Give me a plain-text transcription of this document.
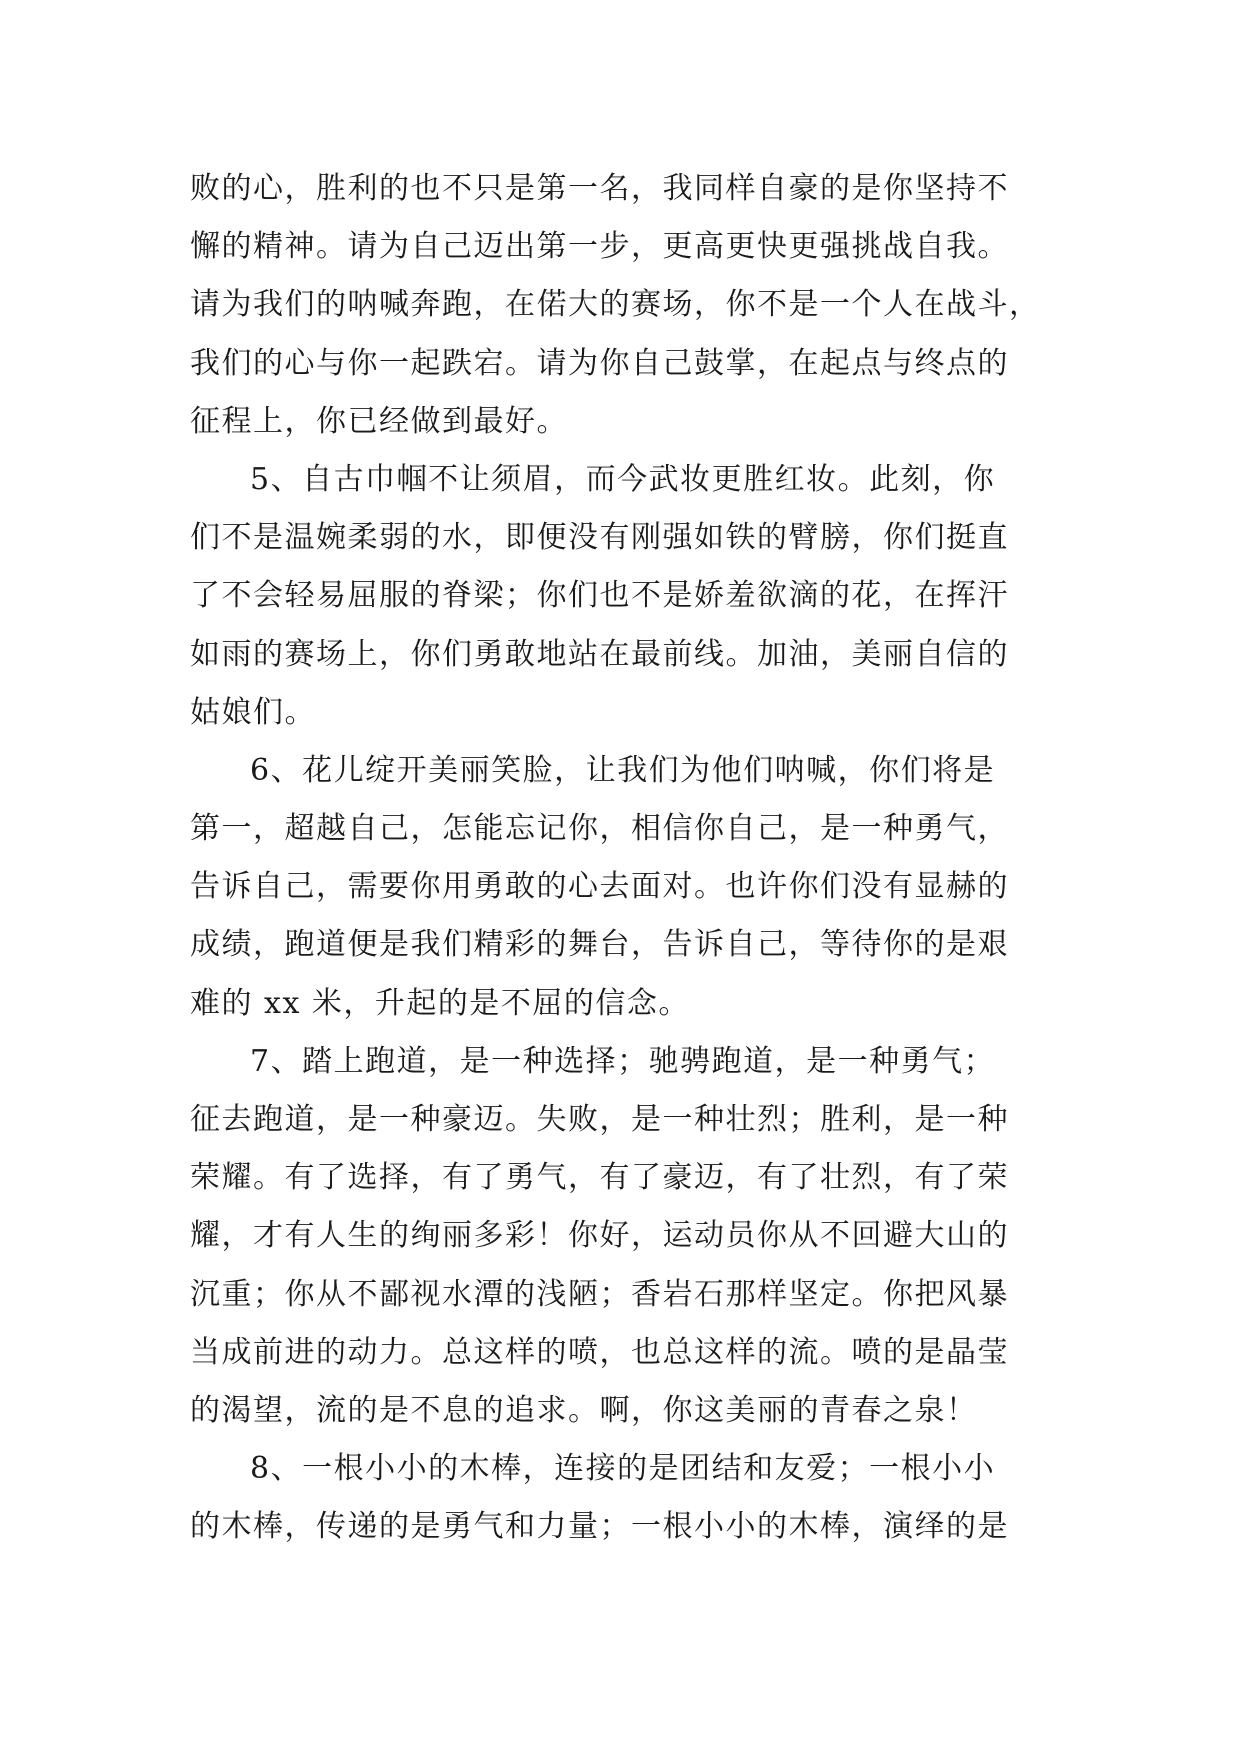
败的心，胜利的也不只是第一名，我同样自豪的是你坚持不
懈的精神。请为自己迈出第一步，更高更快更强挑战自我。
请为我们的呐喊奔跑，在偌大的赛场，你不是一个人在战斗，
我们的心与你一起跌宕。请为你自己鼓掌，在起点与终点的
征程上，你已经做到最好。
5、自古巾帼不让须眉，而今武妆更胜红妆。此刻，你
们不是温婉柔弱的水，即便没有刚强如铁的臂膀，你们挺直
了不会轻易屈服的脊梁；你们也不是娇羞欲滴的花，在挥汗
如雨的赛场上，你们勇敢地站在最前线。加油，美丽自信的
姑娘们。
6、花儿绽开美丽笑脸，让我们为他们呐喊，你们将是
第一，超越自己，怎能忘记你，相信你自己，是一种勇气，
告诉自己，需要你用勇敢的心去面对。也许你们没有显赫的
成绩，跑道便是我们精彩的舞台，告诉自己，等待你的是艰
难的 xx 米，升起的是不屈的信念。
7、踏上跑道，是一种选择；驰骋跑道，是一种勇气；
征去跑道，是一种豪迈。失败，是一种壮烈；胜利，是一种
荣耀。有了选择，有了勇气，有了豪迈，有了壮烈，有了荣
耀，才有人生的绚丽多彩！你好，运动员你从不回避大山的
沉重；你从不鄙视水潭的浅陋；香岩石那样坚定。你把风暴
当成前进的动力。总这样的喷，也总这样的流。喷的是晶莹
的渴望，流的是不息的追求。啊，你这美丽的青春之泉！
8、一根小小的木棒，连接的是团结和友爱；一根小小
的木棒，传递的是勇气和力量；一根小小的木棒，演绎的是
